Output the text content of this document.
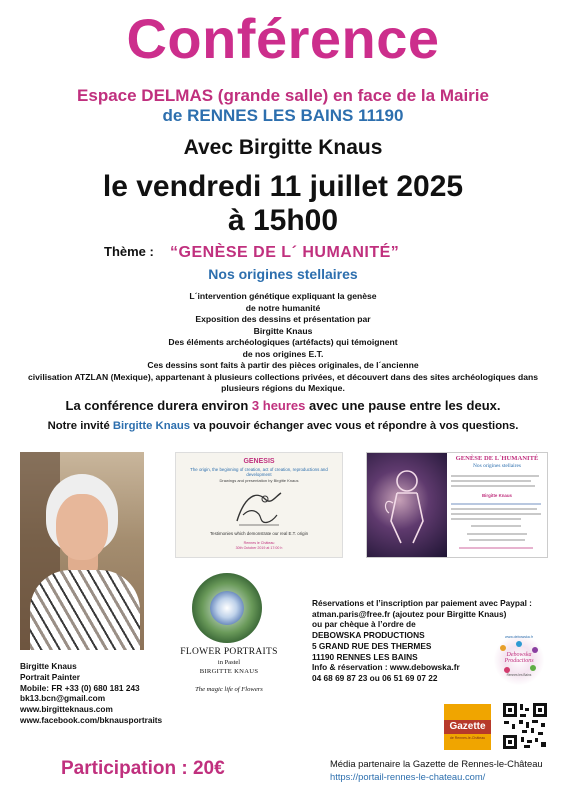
Conférence
Espace DELMAS (grande salle) en face de la Mairie
de RENNES LES BAINS 11190
Avec Birgitte Knaus
le vendredi 11 juillet 2025
à 15h00
Thème : “GENÈSE DE L´ HUMANITÉ”
Nos origines stellaires
L´intervention génétique expliquant la genèse
de notre humanité
Exposition des dessins et présentation par
Birgitte Knaus
Des éléments archéologiques (artéfacts) qui témoignent
de nos origines E.T.
Ces dessins sont faits à partir des pièces originales, de l´ancienne
civilisation ATZLAN (Mexique), appartenant à plusieurs collections privées, et découvert dans des sites archéologiques dans
plusieurs régions du Mexique.
La conférence durera environ 3 heures avec une pause entre les deux.
Notre invité Birgitte Knaus va pouvoir échanger avec vous et répondre à vos questions.
GENESIS
The origin, the beginning of creation, act of creation, reproductions and development
Drawings and presentation by Birgitte Knaus
Testimonies which demonstrate our real E.T. origin
Rennes le Château
30th October 2019 at 17:00 h
GENÈSE DE L´HUMANITÉ
Nos origines stellaires
Birgitte Knaus
FLOWER PORTRAITS
in Pastel
BIRGITTE KNAUS
The magic life of Flowers
Réservations et l’inscription par paiement avec Paypal :
atman.paris@free.fr (ajoutez pour Birgitte Knaus)
ou par chèque à l’ordre de
DEBOWSKA PRODUCTIONS
5 GRAND RUE DES THERMES
11190 RENNES LES BAINS
Info & réservation : www.debowska.fr
04 68 69 87 23 ou 06 51 69 07 22
www.debowska.fr
Debowska Productions
Rennes les Bains
Birgitte Knaus
Portrait Painter
Mobile: FR +33 (0) 680 181 243
bk13.bcn@gmail.com
www.birgitteknaus.com
www.facebook.com/bknausportraits
Gazette
de Rennes-le-Château
Participation : 20€	Média partenaire la Gazette de Rennes-le-Château
https://portail-rennes-le-chateau.com/
